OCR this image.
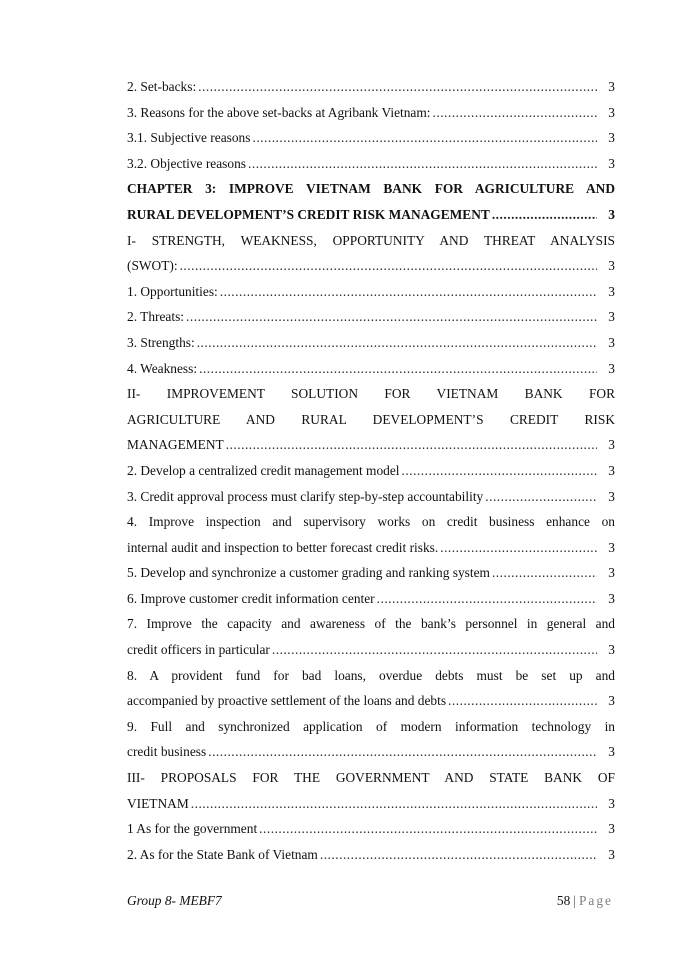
2. Set-backs: .....	3
3. Reasons for the above set-backs at Agribank Vietnam: .....	3
3.1. Subjective reasons .....	3
3.2. Objective reasons .....	3
CHAPTER 3: IMPROVE VIETNAM BANK FOR AGRICULTURE AND
RURAL DEVELOPMENT’S CREDIT RISK MANAGEMENT .....	3
I- STRENGTH, WEAKNESS, OPPORTUNITY AND THREAT ANALYSIS
(SWOT): .....	3
1. Opportunities: .....	3
2. Threats: .....	3
3. Strengths: .....	3
4. Weakness: .....	3
II- IMPROVEMENT SOLUTION FOR VIETNAM BANK FOR
AGRICULTURE AND RURAL DEVELOPMENT’S CREDIT RISK
MANAGEMENT .....	3
2. Develop a centralized credit management model .....	3
3. Credit approval process must clarify step-by-step accountability .....	3
4. Improve inspection and supervisory works on credit business enhance on
internal audit and inspection to better forecast credit risks. .....	3
5. Develop and synchronize a customer grading and ranking system .....	3
6. Improve customer credit information center .....	3
7. Improve the capacity and awareness of the bank’s personnel in general and
credit officers in particular .....	3
8. A provident fund for bad loans, overdue debts must be set up and
accompanied by proactive settlement of the loans and debts .....	3
9. Full and synchronized application of modern information technology in
credit business .....	3
III- PROPOSALS FOR THE GOVERNMENT AND STATE BANK OF
VIETNAM .....	3
1 As for the government .....	3
2. As for the State Bank of Vietnam .....	3
Group 8- MEBF7	58 | Page
